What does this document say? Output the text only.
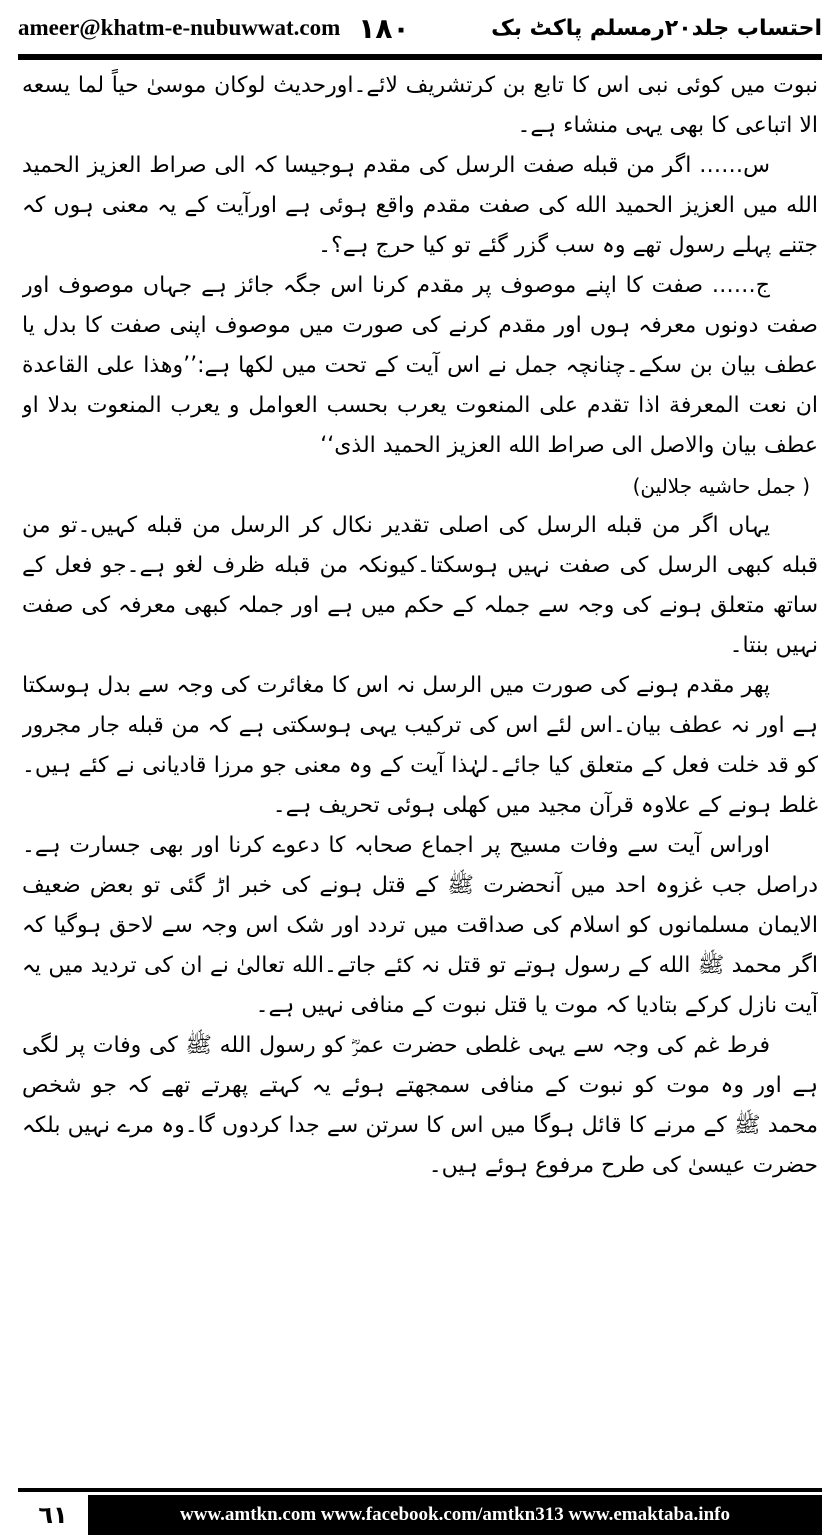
ameer@khatm-e-nubuwwat.com ١٨٠	احتساب جلد۲۰رمسلم پاکٹ بک

نبوت میں کوئی نبی اس کا تابع بن کرتشریف لائے۔اورحدیث لوکان موسیٰ حیاً لما یسعه الا اتباعی کا بھی یہی منشاء ہے۔

س…… اگر من قبله صفت الرسل کی مقدم ہوجیسا کہ الی صراط العزیز الحمید الله میں العزیز الحمید الله کی صفت مقدم واقع ہوئی ہے اورآیت کے یہ معنی ہوں کہ جتنے پہلے رسول تھے وہ سب گزر گئے تو کیا حرج ہے؟۔

ج…… صفت کا اپنے موصوف پر مقدم کرنا اس جگہ جائز ہے جہاں موصوف اور صفت دونوں معرفہ ہوں اور مقدم کرنے کی صورت میں موصوف اپنی صفت کا بدل یا عطف بیان بن سکے۔چنانچہ جمل نے اس آیت کے تحت میں لکھا ہے:’’وهذا علی القاعدة ان نعت المعرفة اذا تقدم علی المنعوت یعرب بحسب العوامل و یعرب المنعوت بدلا او عطف بیان والاصل الی صراط الله العزیز الحمید الذی‘‘

( جمل حاشیه جلالین)

یہاں اگر من قبله الرسل کی اصلی تقدیر نکال کر الرسل من قبله کہیں۔تو من قبله کبھی الرسل کی صفت نہیں ہوسکتا۔کیونکہ من قبله ظرف لغو ہے۔جو فعل کے ساتھ متعلق ہونے کی وجہ سے جملہ کے حکم میں ہے اور جملہ کبھی معرفہ کی صفت نہیں بنتا۔

پھر مقدم ہونے کی صورت میں الرسل نہ اس کا مغائرت کی وجہ سے بدل ہوسکتا ہے اور نہ عطف بیان۔اس لئے اس کی ترکیب یہی ہوسکتی ہے کہ من قبله جار مجرور کو قد خلت فعل کے متعلق کیا جائے۔لہٰذا آیت کے وہ معنی جو مرزا قادیانی نے کئے ہیں۔غلط ہونے کے علاوہ قرآن مجید میں کھلی ہوئی تحریف ہے۔

اوراس آیت سے وفات مسیح پر اجماع صحابہ کا دعوے کرنا اور بھی جسارت ہے۔دراصل جب غزوہ احد میں آنحضرت ﷺ کے قتل ہونے کی خبر اڑ گئی تو بعض ضعیف الایمان مسلمانوں کو اسلام کی صداقت میں تردد اور شک اس وجہ سے لاحق ہوگیا کہ اگر محمد ﷺ الله کے رسول ہوتے تو قتل نہ کئے جاتے۔الله تعالیٰ نے ان کی تردید میں یہ آیت نازل کرکے بتادیا کہ موت یا قتل نبوت کے منافی نہیں ہے۔

فرط غم کی وجہ سے یہی غلطی حضرت عمرؓ کو رسول الله ﷺ کی وفات پر لگی ہے اور وہ موت کو نبوت کے منافی سمجھتے ہوئے یہ کہتے پھرتے تھے کہ جو شخص محمد ﷺ کے مرنے کا قائل ہوگا میں اس کا سرتن سے جدا کردوں گا۔وہ مرے نہیں بلکہ حضرت عیسیٰ کی طرح مرفوع ہوئے ہیں۔

٦١	www.amtkn.com www.facebook.com/amtkn313 www.emaktaba.info
